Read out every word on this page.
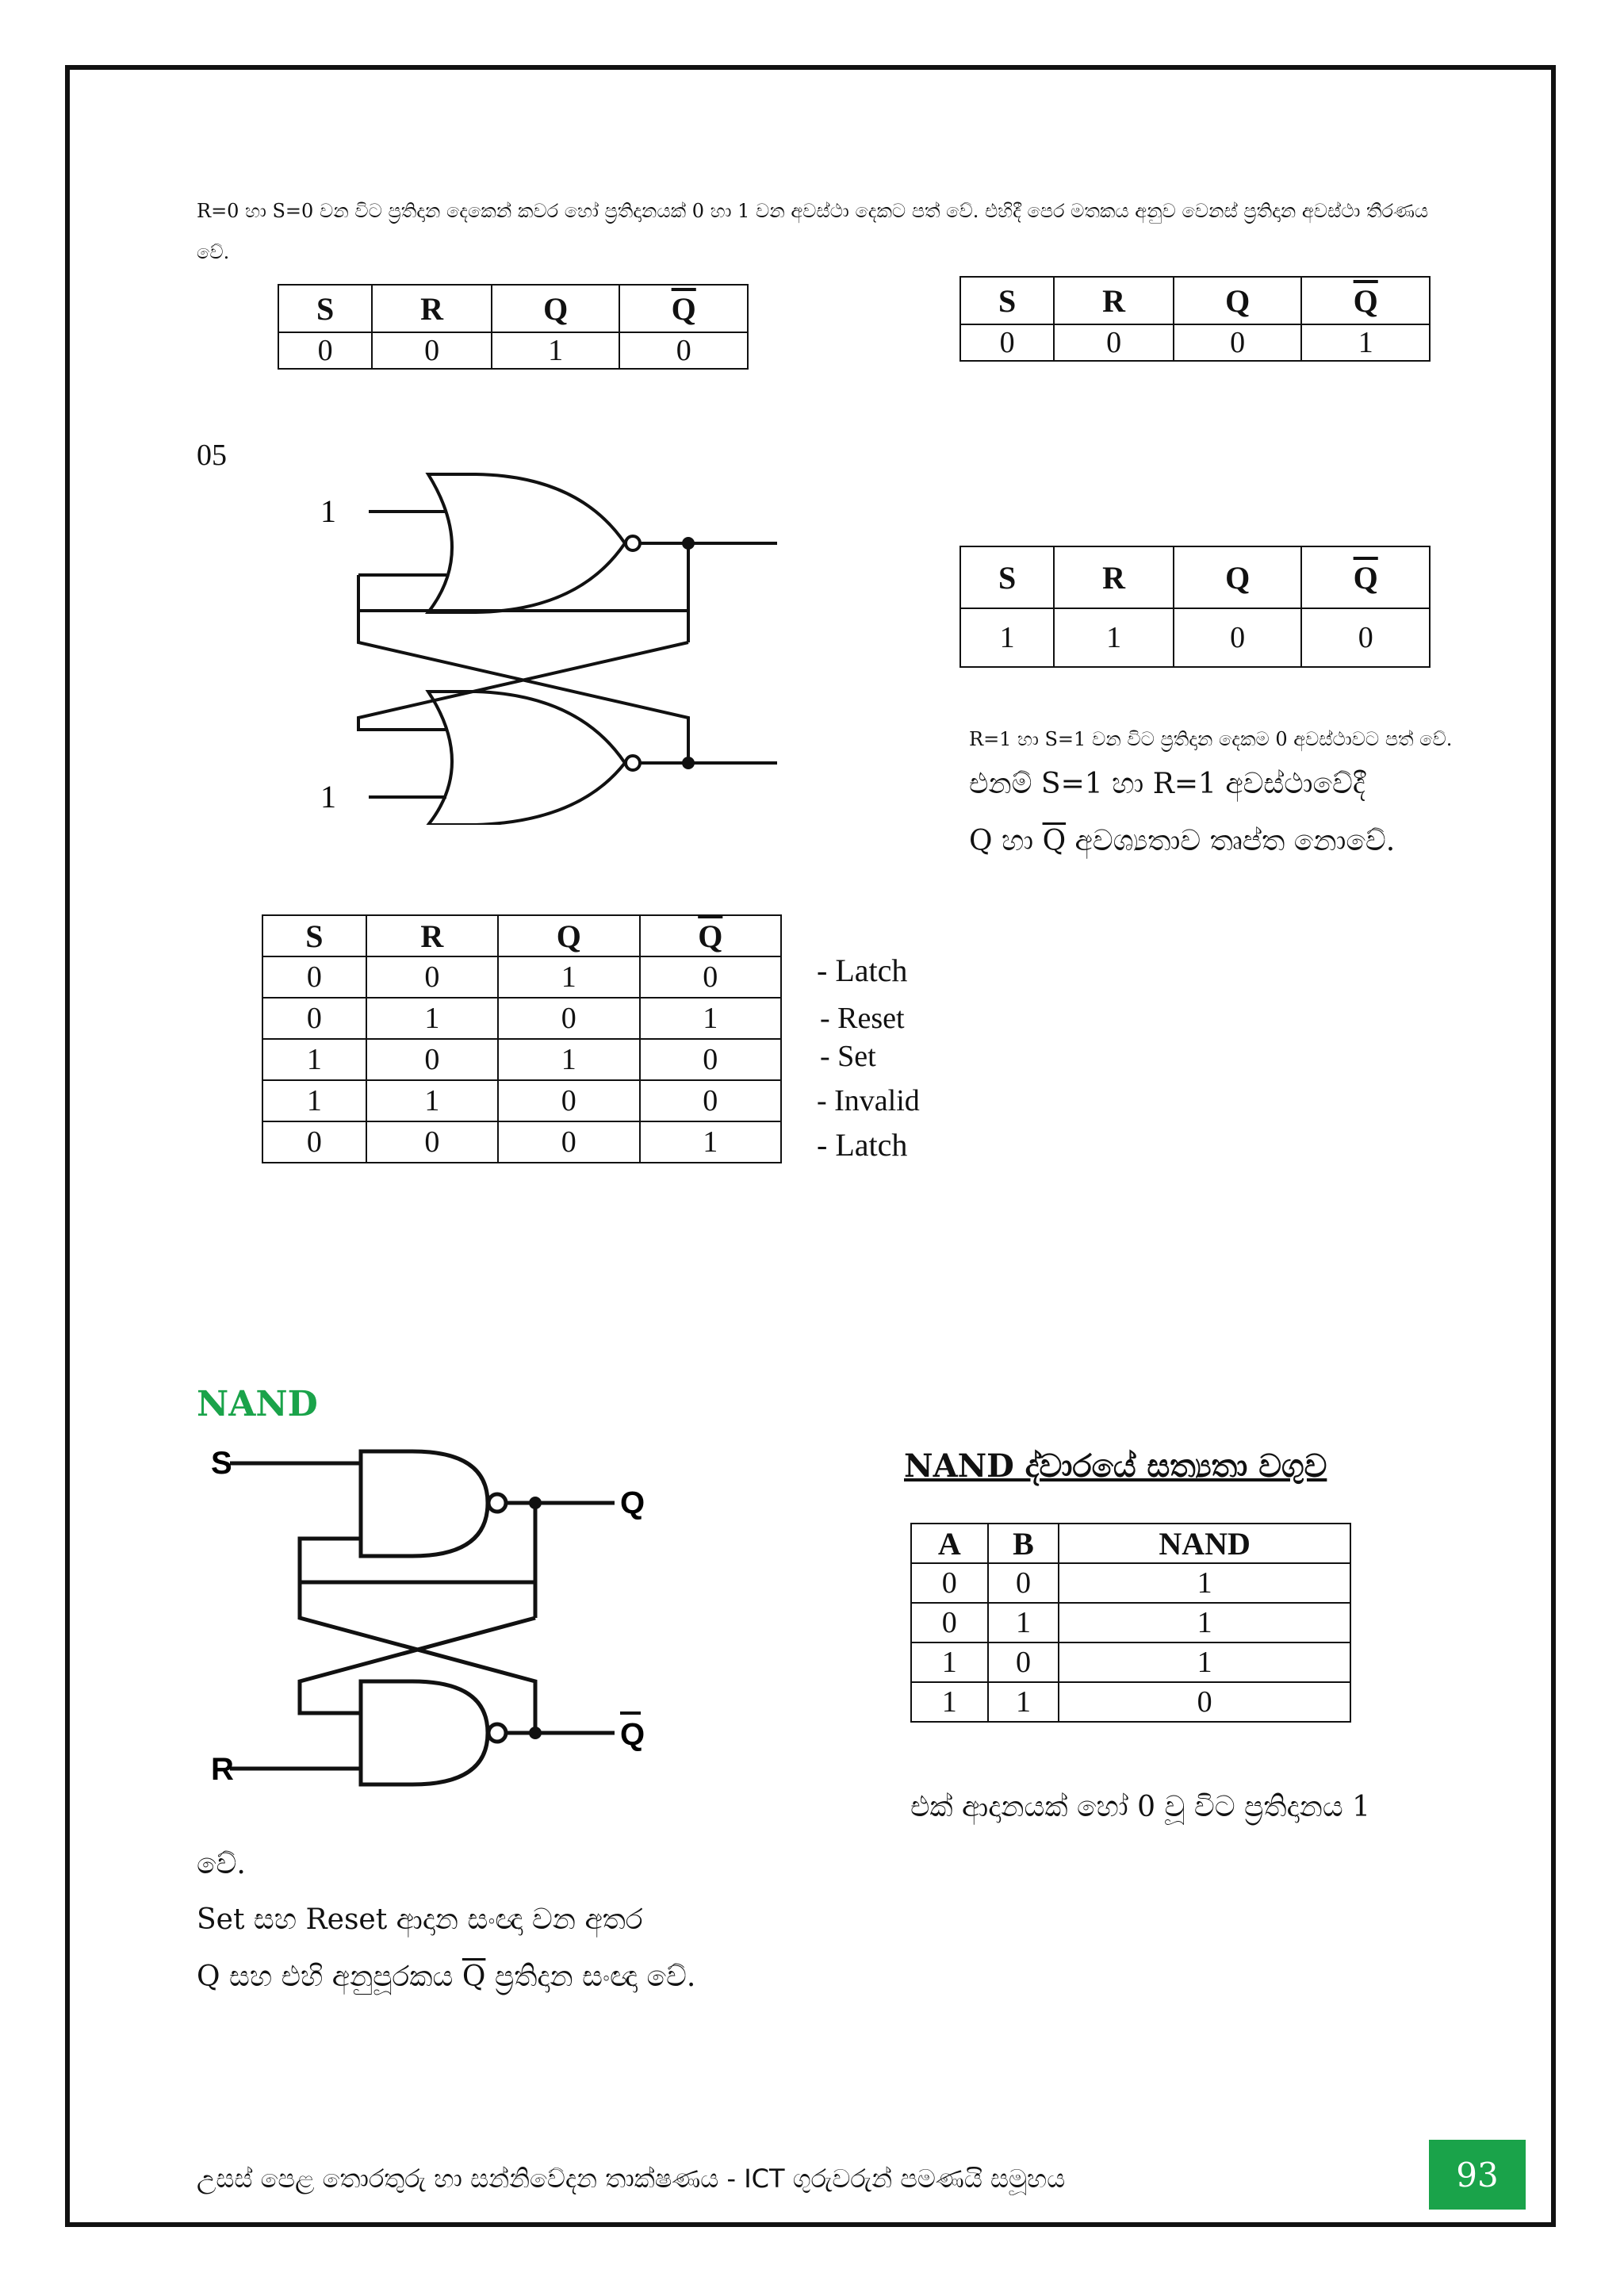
R=0 හා S=0 වන විට ප්‍රතිදාන දෙකෙන් කවර හෝ ප්‍රතිදානයක් 0 හා 1 වන අවස්ථා දෙකට පත් වේ. එහිදී පෙර මතකය අනුව වෙනස් ප්‍රතිදාන අවස්ථා තීරණය වේ.
S	R	Q	$\overline{Q}$
0	0	1	0
S	R	Q	$\overline{Q}$
0	0	0	1
05
1
1
S	R	Q	$\overline{Q}$
1	1	0	0
R=1 හා S=1 වන විට ප්‍රතිදාන දෙකම 0 අවස්ථාවට පත් වේ.
එනම් S=1 හා R=1 අවස්ථාවේදී
Q හා $\overline{Q}$ අවශ්‍යතාව තෘප්ත නොවේ.
S	R	Q	$\overline{Q}$
0	0	1	0
0	1	0	1
1	0	1	0
1	1	0	0
0	0	0	1
- Latch
- Reset
- Set
- Invalid
- Latch
NAND
S
R
Q
Q
NAND ද්වාරයේ සත්‍යතා වගුව
A	B	NAND
0	0	1
0	1	1
1	0	1
1	1	0
එක් ආදානයක් හෝ 0 වූ විට ප්‍රතිදානය 1
වේ.
Set සහ Reset ආදාන සංඥා වන අතර
Q සහ එහි අනුපූරකය $\overline{Q}$ ප්‍රතිදාන සංඥා වේ.
උසස් පෙළ තොරතුරු හා සන්නිවේදන තාක්ෂණය - ICT ගුරුවරුන් පමණයි සමූහය	93
